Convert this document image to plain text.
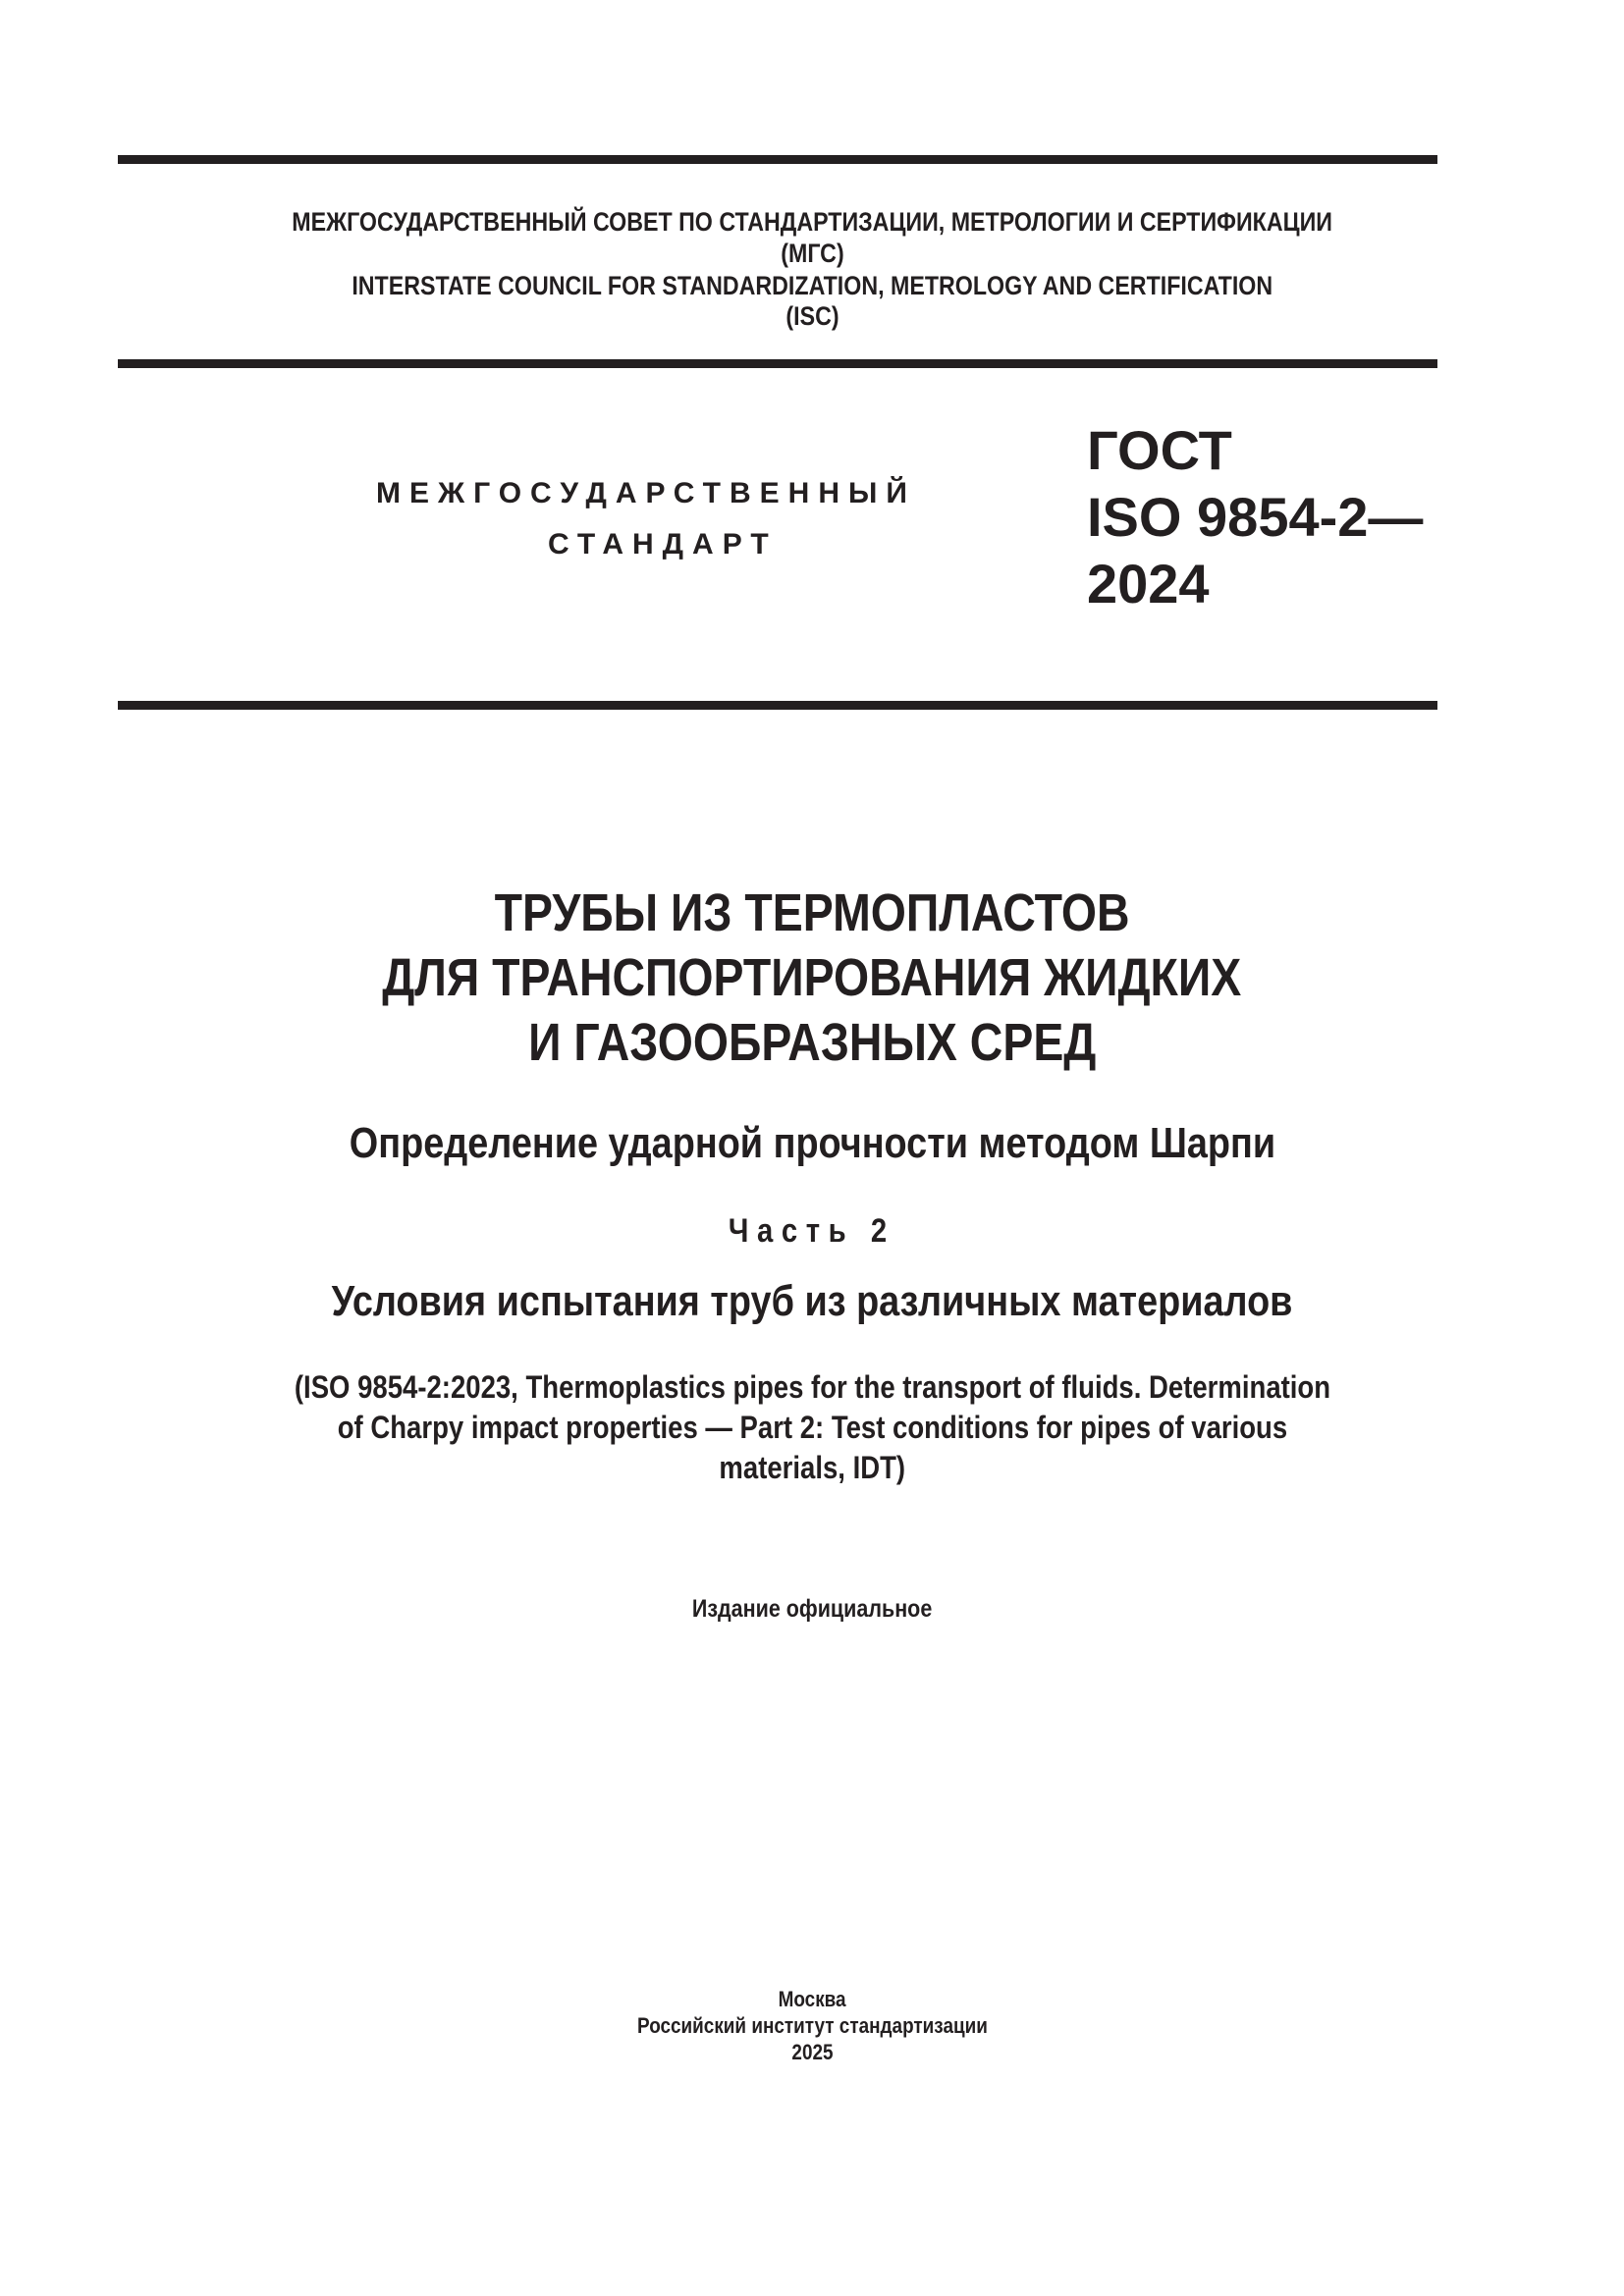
МЕЖГОСУДАРСТВЕННЫЙ СОВЕТ ПО СТАНДАРТИЗАЦИИ, МЕТРОЛОГИИ И СЕРТИФИКАЦИИ
(МГС)
INTERSTATE COUNCIL FOR STANDARDIZATION, METROLOGY AND CERTIFICATION
(ISC)
МЕЖГОСУДАРСТВЕННЫЙ
СТАНДАРТ
ГОСТ
ISO 9854-2—
2024
ТРУБЫ ИЗ ТЕРМОПЛАСТОВ
ДЛЯ ТРАНСПОРТИРОВАНИЯ ЖИДКИХ
И ГАЗООБРАЗНЫХ СРЕД
Определение ударной прочности методом Шарпи
Часть 2
Условия испытания труб из различных материалов
(ISO 9854-2:2023, Thermoplastics pipes for the transport of fluids. Determination
of Charpy impact properties — Part 2: Test conditions for pipes of various
materials, IDT)
Издание официальное
Москва
Российский институт стандартизации
2025
